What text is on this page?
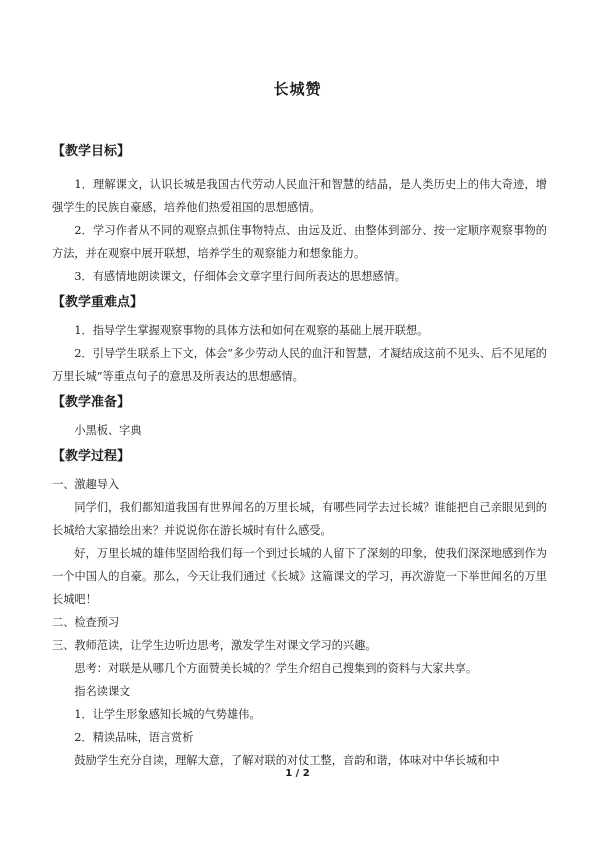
长城赞
【教学目标】

1．理解课文，认识长城是我国古代劳动人民血汗和智慧的结晶，是人类历史上的伟大奇迹，增强学生的民族自豪感，培养他们热爱祖国的思想感情。

2．学习作者从不同的观察点抓住事物特点、由远及近、由整体到部分、按一定顺序观察事物的方法，并在观察中展开联想，培养学生的观察能力和想象能力。

3．有感情地朗读课文，仔细体会文章字里行间所表达的思想感情。

【教学重难点】

1．指导学生掌握观察事物的具体方法和如何在观察的基础上展开联想。

2．引导学生联系上下文，体会“多少劳动人民的血汗和智慧，才凝结成这前不见头、后不见尾的万里长城”等重点句子的意思及所表达的思想感情。

【教学准备】

小黑板、字典

【教学过程】

一、激趣导入

同学们，我们都知道我国有世界闻名的万里长城，有哪些同学去过长城？谁能把自己亲眼见到的长城给大家描绘出来？并说说你在游长城时有什么感受。

好，万里长城的雄伟坚固给我们每一个到过长城的人留下了深刻的印象，使我们深深地感到作为一个中国人的自豪。那么，今天让我们通过《长城》这篇课文的学习，再次游览一下举世闻名的万里长城吧！

二、检查预习

三、教师范读，让学生边听边思考，激发学生对课文学习的兴趣。

思考：对联是从哪几个方面赞美长城的？学生介绍自己搜集到的资料与大家共享。

指名读课文

1．让学生形象感知长城的气势雄伟。

2．精读品味，语言赏析

鼓励学生充分自读，理解大意，了解对联的对仗工整，音韵和谐，体味对中华长城和中

1 / 2
